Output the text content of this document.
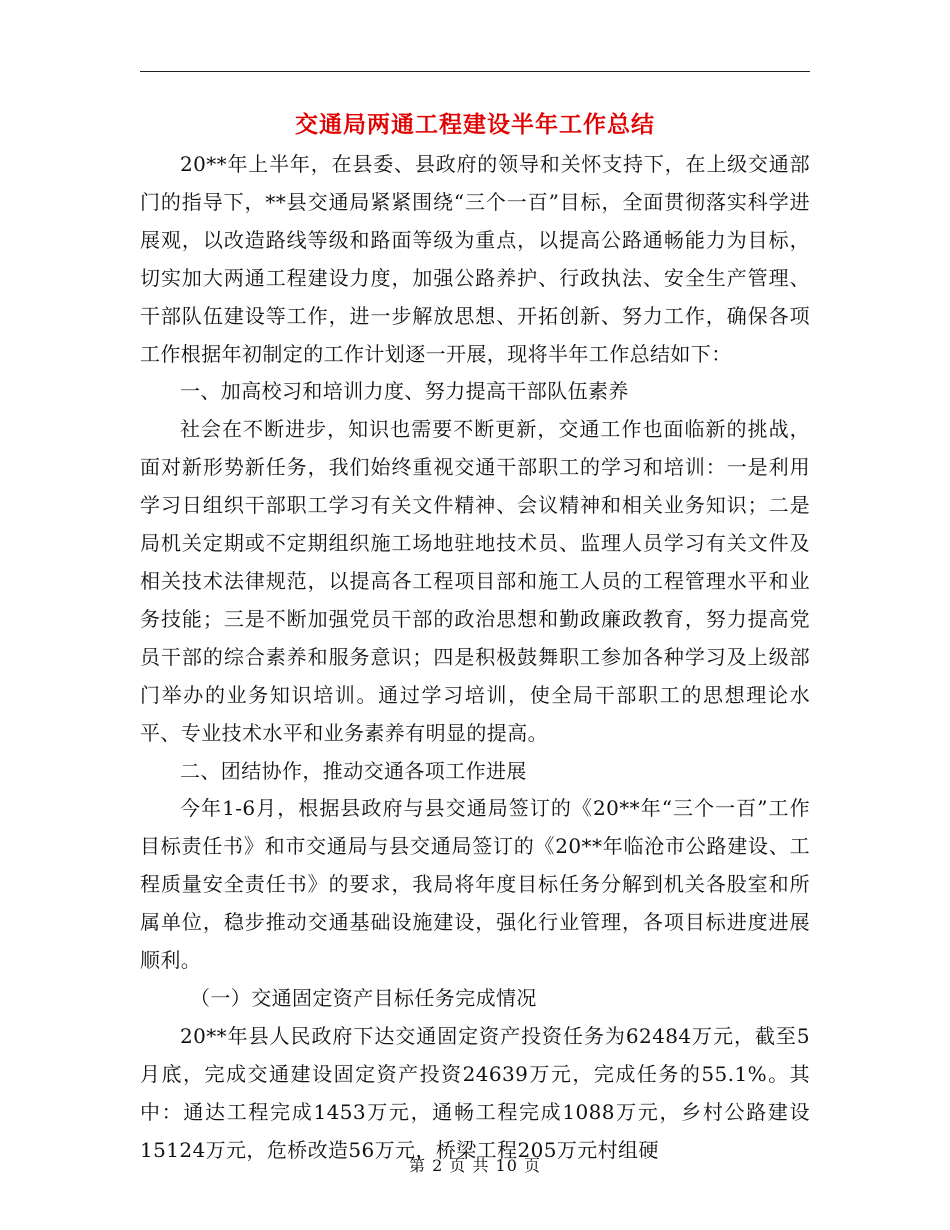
交通局两通工程建设半年工作总结

20**年上半年，在县委、县政府的领导和关怀支持下，在上级交通部门的指导下，**县交通局紧紧围绕“三个一百”目标，全面贯彻落实科学进展观，以改造路线等级和路面等级为重点，以提高公路通畅能力为目标，切实加大两通工程建设力度，加强公路养护、行政执法、安全生产管理、干部队伍建设等工作，进一步解放思想、开拓创新、努力工作，确保各项工作根据年初制定的工作计划逐一开展，现将半年工作总结如下：

一、加高校习和培训力度、努力提高干部队伍素养

社会在不断进步，知识也需要不断更新，交通工作也面临新的挑战，面对新形势新任务，我们始终重视交通干部职工的学习和培训：一是利用学习日组织干部职工学习有关文件精神、会议精神和相关业务知识；二是局机关定期或不定期组织施工场地驻地技术员、监理人员学习有关文件及相关技术法律规范，以提高各工程项目部和施工人员的工程管理水平和业务技能；三是不断加强党员干部的政治思想和勤政廉政教育，努力提高党员干部的综合素养和服务意识；四是积极鼓舞职工参加各种学习及上级部门举办的业务知识培训。通过学习培训，使全局干部职工的思想理论水平、专业技术水平和业务素养有明显的提高。

二、团结协作，推动交通各项工作进展

今年1-6月，根据县政府与县交通局签订的《20**年“三个一百”工作目标责任书》和市交通局与县交通局签订的《20**年临沧市公路建设、工程质量安全责任书》的要求，我局将年度目标任务分解到机关各股室和所属单位，稳步推动交通基础设施建设，强化行业管理，各项目标进度进展顺利。

（一）交通固定资产目标任务完成情况

20**年县人民政府下达交通固定资产投资任务为62484万元，截至5月底，完成交通建设固定资产投资24639万元，完成任务的55.1%。其中：通达工程完成1453万元，通畅工程完成1088万元，乡村公路建设15124万元，危桥改造56万元，桥梁工程205万元村组硬

第 2 页 共 10 页
